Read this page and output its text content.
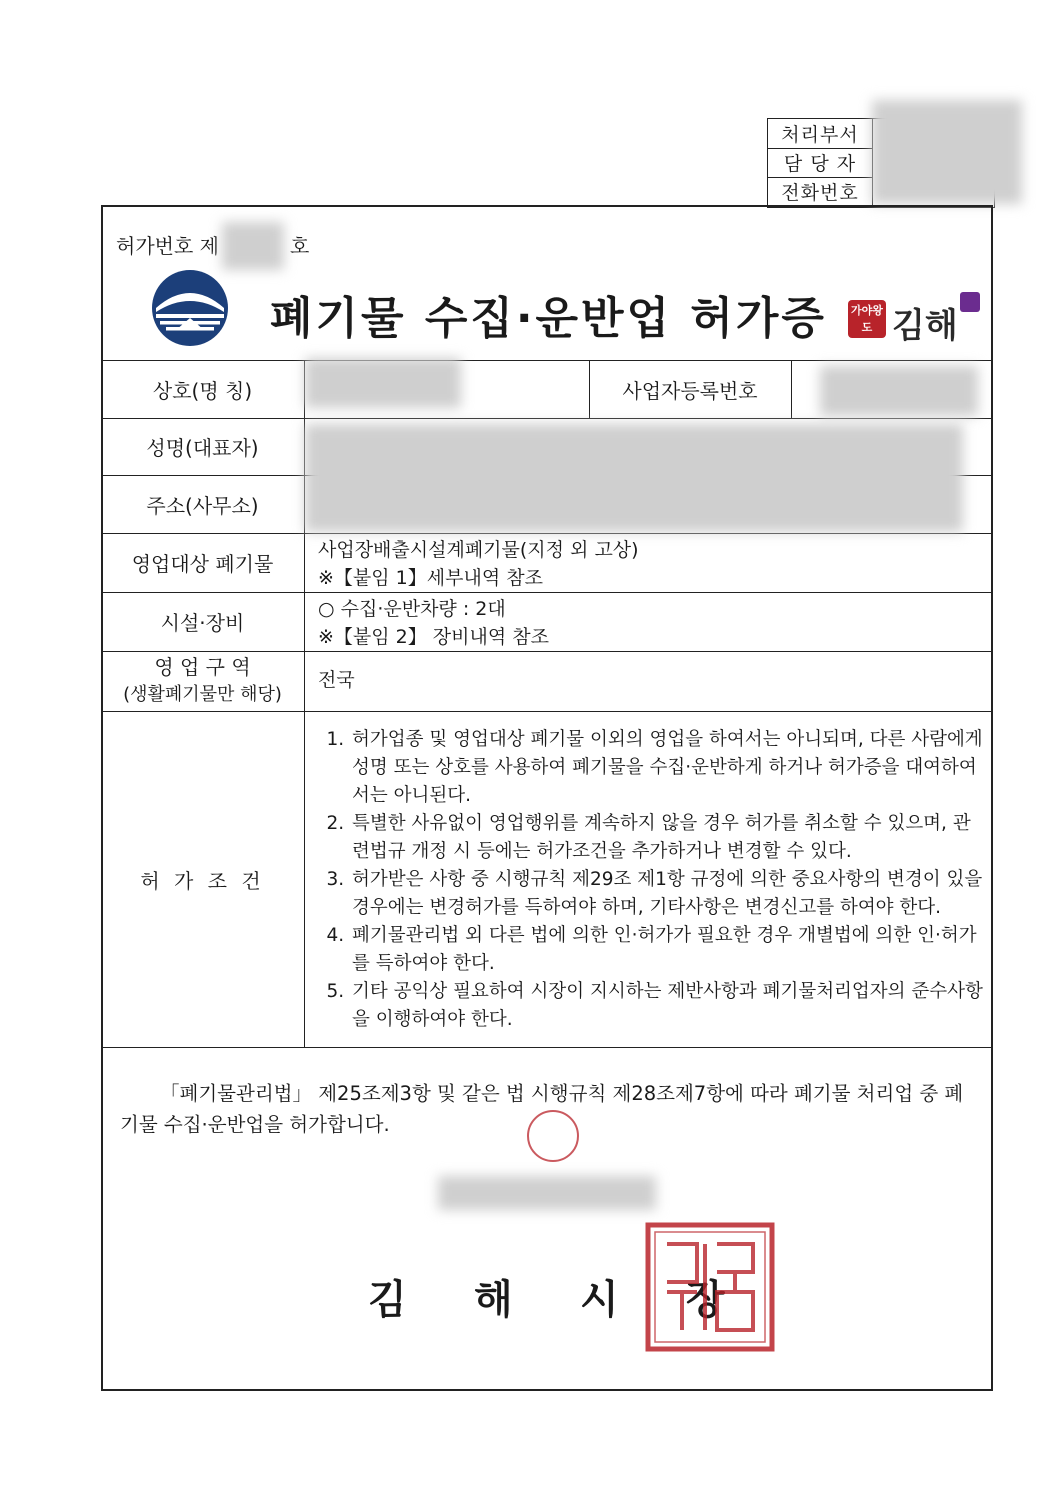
처리부서
담 당 자
전화번호
허가번호 제	호
폐기물 수집·운반업 허가증 가야왕도 김해
상호(명 칭)	사업자등록번호
성명(대표자)
주소(사무소)
영업대상 폐기물
사업장배출시설계폐기물(지정 외 고상)
※【붙임 1】세부내역 참조
시설·장비
○ 수집·운반차량 : 2대
※【붙임 2】 장비내역 참조
영 업 구 역
(생활폐기물만 해당)
전국
허 가 조 건
1. 허가업종 및 영업대상 폐기물 이외의 영업을 하여서는 아니되며, 다른 사람에게 성명 또는 상호를 사용하여 폐기물을 수집·운반하게 하거나 허가증을 대여하여서는 아니된다.
2. 특별한 사유없이 영업행위를 계속하지 않을 경우 허가를 취소할 수 있으며, 관련법규 개정 시 등에는 허가조건을 추가하거나 변경할 수 있다.
3. 허가받은 사항 중 시행규칙 제29조 제1항 규정에 의한 중요사항의 변경이 있을 경우에는 변경허가를 득하여야 하며, 기타사항은 변경신고를 하여야 한다.
4. 폐기물관리법 외 다른 법에 의한 인·허가가 필요한 경우 개별법에 의한 인·허가를 득하여야 한다.
5. 기타 공익상 필요하여 시장이 지시하는 제반사항과 폐기물처리업자의 준수사항을 이행하여야 한다.
「폐기물관리법」 제25조제3항 및 같은 법 시행규칙 제28조제7항에 따라 폐기물 처리업 중 폐기물 수집·운반업을 허가합니다.
김 해 시 장
